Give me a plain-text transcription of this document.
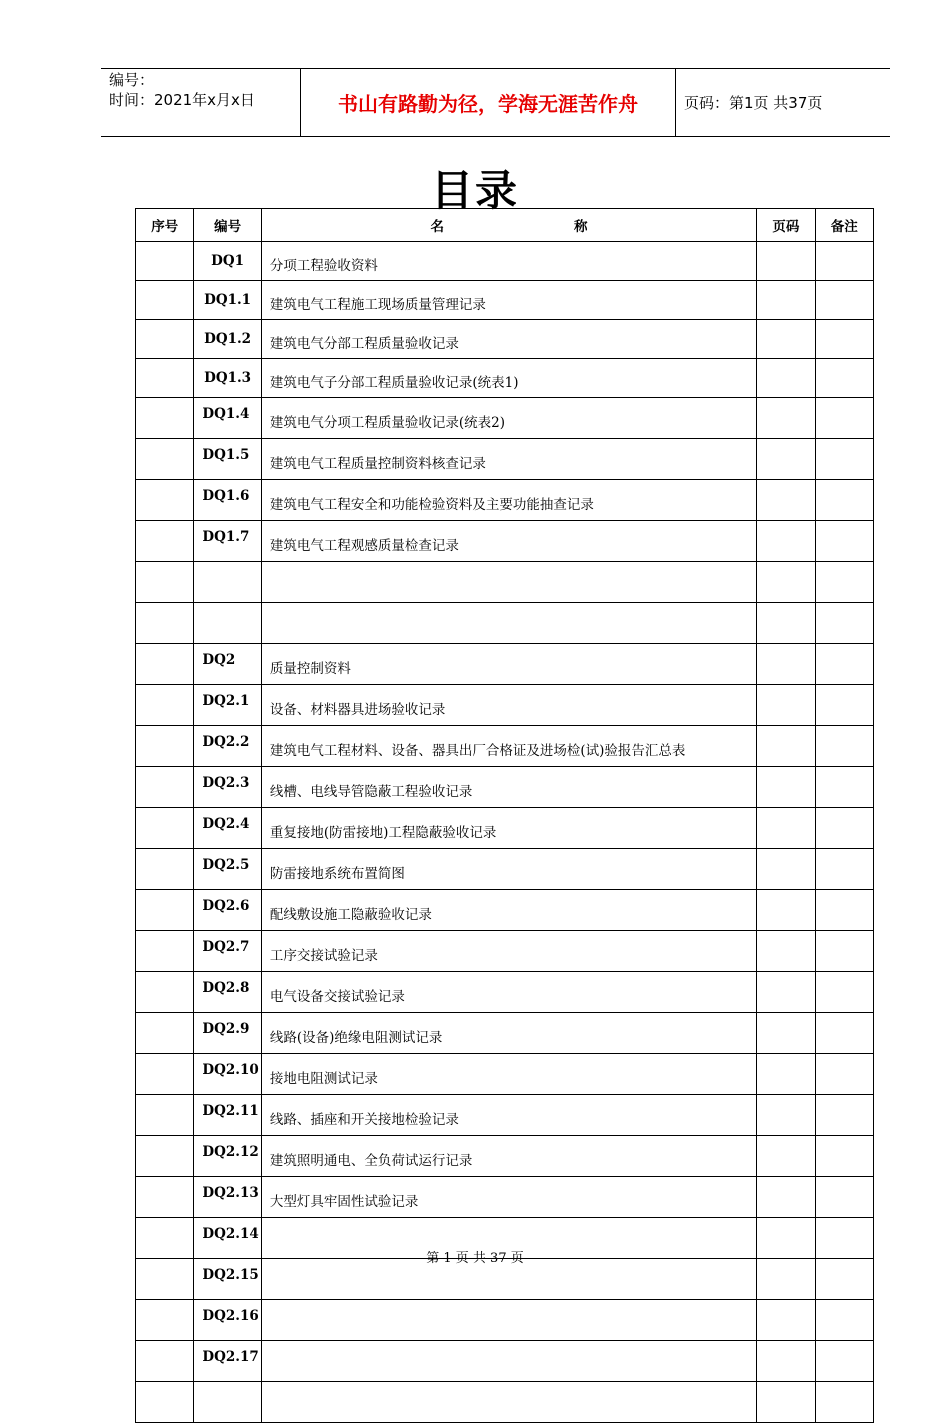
编号：
时间：2021年x月x日	书山有路勤为径，学海无涯苦作舟	页码：第1页 共37页
目录
序号	编号	名 称	页码	备注
	DQ1	分项工程验收资料		
	DQ1.1	建筑电气工程施工现场质量管理记录		
	DQ1.2	建筑电气分部工程质量验收记录		
	DQ1.3	建筑电气子分部工程质量验收记录(统表1)		
	DQ1.4	建筑电气分项工程质量验收记录(统表2)		
	DQ1.5	建筑电气工程质量控制资料核查记录		
	DQ1.6	建筑电气工程安全和功能检验资料及主要功能抽查记录		
	DQ1.7	建筑电气工程观感质量检查记录		

	DQ2	质量控制资料		
	DQ2.1	设备、材料器具进场验收记录		
	DQ2.2	建筑电气工程材料、设备、器具出厂合格证及进场检(试)验报告汇总表		
	DQ2.3	线槽、电线导管隐蔽工程验收记录		
	DQ2.4	重复接地(防雷接地)工程隐蔽验收记录		
	DQ2.5	防雷接地系统布置简图		
	DQ2.6	配线敷设施工隐蔽验收记录		
	DQ2.7	工序交接试验记录		
	DQ2.8	电气设备交接试验记录		
	DQ2.9	线路(设备)绝缘电阻测试记录		
	DQ2.10	接地电阻测试记录		
	DQ2.11	线路、插座和开关接地检验记录		
	DQ2.12	建筑照明通电、全负荷试运行记录		
	DQ2.13	大型灯具牢固性试验记录		
	DQ2.14			
	DQ2.15			
	DQ2.16			
	DQ2.17			

第 1 页 共 37 页
